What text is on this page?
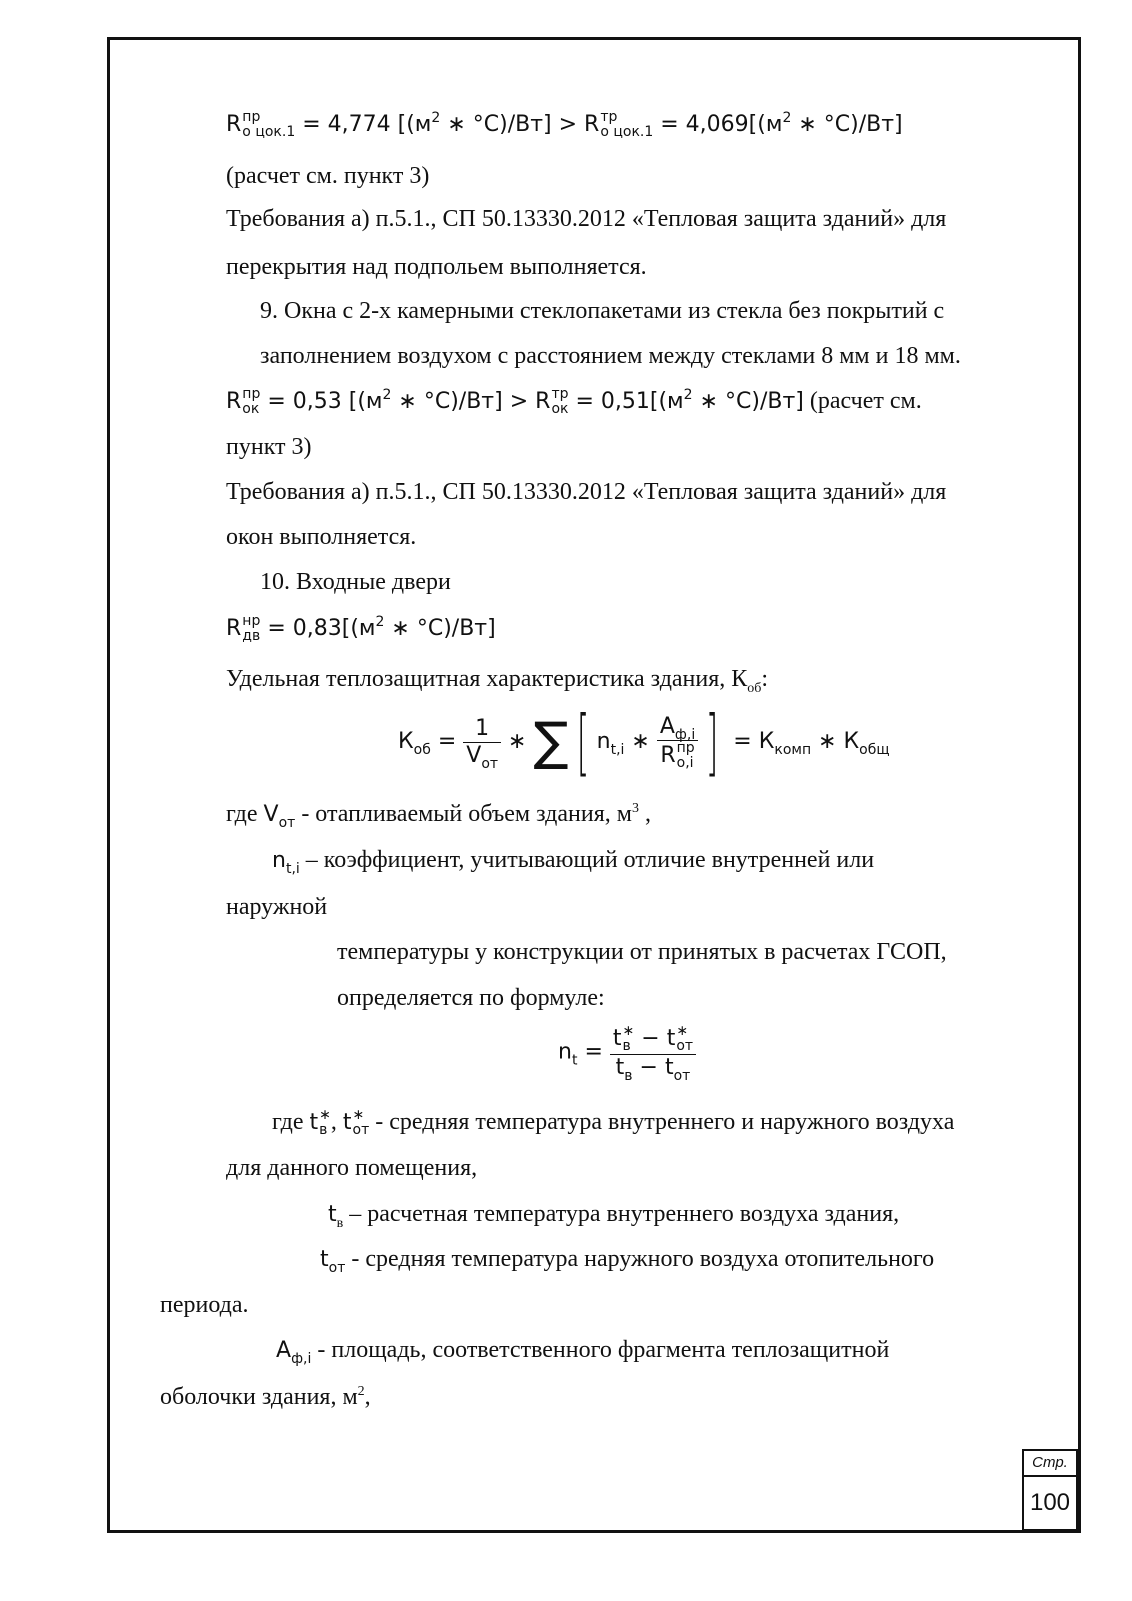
R пр
о цок.1 = 4,774 [($м^2$ ∗ °С)/Вт] > R тр
о $цок.1 = 4,069[(м^2$ ∗ °С)/Вт]
(расчет см. пункт 3)
Требования а) п.5.1., СП 50.13330.2012 «Тепловая защита зданий» для
перекрытия над подпольем выполняется.
9. Окна с 2-х камерными стеклопакетами из стекла без покрытий с
заполнением воздухом с расстоянием между стеклами 8 мм и 18 мм.
R пр
ок = 0,53 [($м^2$ ∗ °С)/Вт] > R тр
ок = $0,51[(м^2$ ∗ °С)/Вт] (расчет см.
пункт 3)
Требования а) п.5.1., СП 50.13330.2012 «Тепловая защита зданий» для
окон выполняется.
10. Входные двери
R нр
дв = $0,83[(м^2$ ∗ °С)/Вт]
Удельная теплозащитная характеристика здания, $К_{об}$:
$К_{об} = \frac{1}{V_{от}}$ ∗ ∑ [ $n_{t,i}$ ∗ $A_{ф,i}$
R пр
о,i ] = $К_{комп}$ ∗ $К_{общ}$
где $V_{от}$ - отапливаемый объем здания, $м^3$ ,
$n_{t,i}$ – коэффициент, учитывающий отличие внутренней или
наружной
температуры у конструкции от принятых в расчетах ГСОП,
определяется по формуле:
$n_t = t$ ∗
в − t ∗
от
$t_в - t_{от}$
где t ∗
в , t ∗
от - средняя температура внутреннего и наружного воздуха
для данного помещения,
$t_в$ – расчетная температура внутреннего воздуха здания,
$t_{от}$ - средняя температура наружного воздуха отопительного
периода.
$A_{ф,i}$ - площадь, соответственного фрагмента теплозащитной
оболочки здания, $м^2$,
Стр.
100
